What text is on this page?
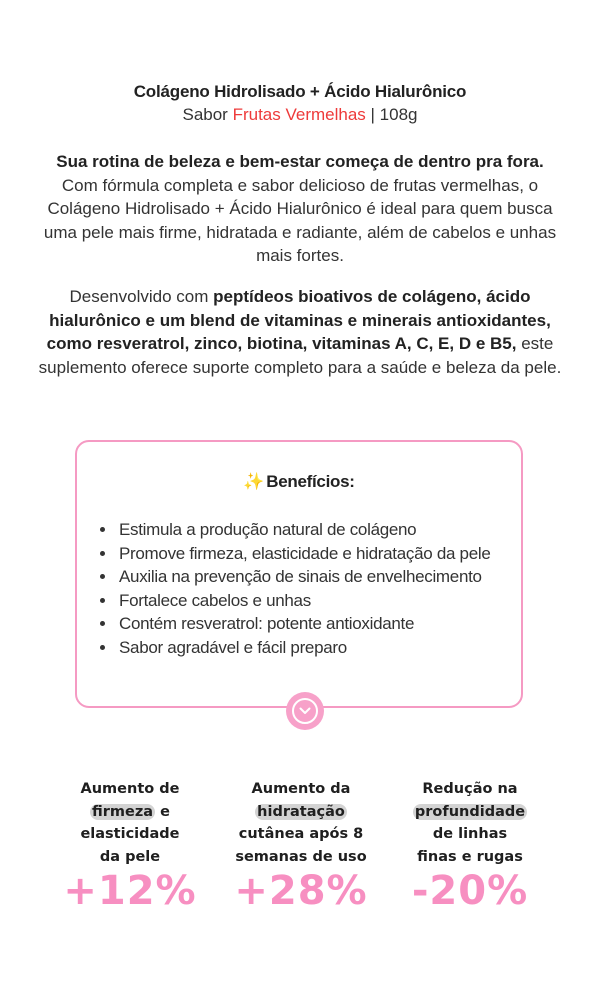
Colágeno Hidrolisado + Ácido Hialurônico
Sabor Frutas Vermelhas | 108g
Sua rotina de beleza e bem-estar começa de dentro pra fora. Com fórmula completa e sabor delicioso de frutas vermelhas, o Colágeno Hidrolisado + Ácido Hialurônico é ideal para quem busca uma pele mais firme, hidratada e radiante, além de cabelos e unhas mais fortes.
Desenvolvido com peptídeos bioativos de colágeno, ácido hialurônico e um blend de vitaminas e minerais antioxidantes, como resveratrol, zinco, biotina, vitaminas A, C, E, D e B5, este suplemento oferece suporte completo para a saúde e beleza da pele.
✨ Benefícios:
• Estimula a produção natural de colágeno
• Promove firmeza, elasticidade e hidratação da pele
• Auxilia na prevenção de sinais de envelhecimento
• Fortalece cabelos e unhas
• Contém resveratrol: potente antioxidante
• Sabor agradável e fácil preparo
Aumento de
firmeza e
elasticidade
da pele
Aumento da
hidratação
cutânea após 8
semanas de uso
Redução na
profundidade
de linhas
finas e rugas
+12% +28% -20%
